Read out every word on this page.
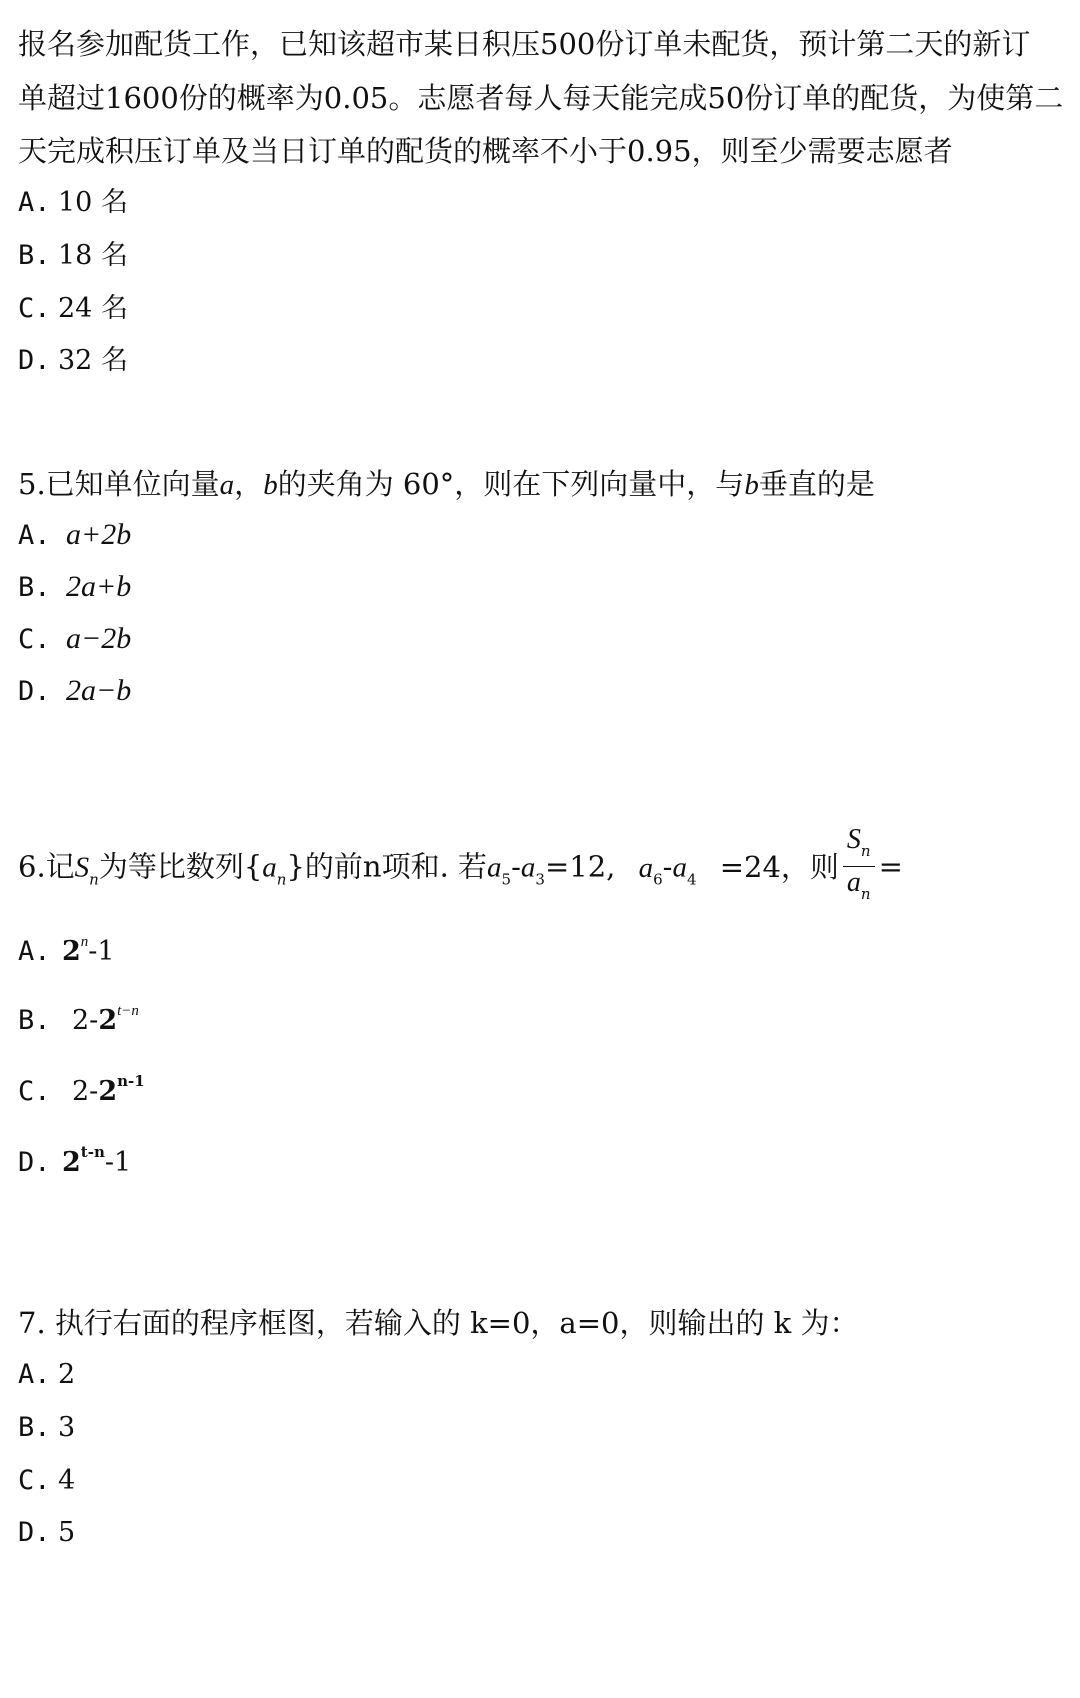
报名参加配货工作，已知该超市某日积压500份订单未配货，预计第二天的新订
单超过1600份的概率为0.05。志愿者每人每天能完成50份订单的配货，为使第二
天完成积压订单及当日订单的配货的概率不小于0.95，则至少需要志愿者
A. 10 名
B. 18 名
C. 24 名
D. 32 名
5.已知单位向量a，b的夹角为 60°，则在下列向量中，与b垂直的是
A. a+2b
B. 2a+b
C. a−2b
D. 2a−b
6.记$S_n$为等比数列$\{a_n\}$的前n项和. 若$a_5-a_3=12$, $a_6-a_4 =24$，则 $\frac{S_n}{a_n}$ =
A. 2$^n$-1
B. $2-2^{t-n}$
C. 2-2$^{n-1}$
D. 2$^{t-n}$-1
7. 执行右面的程序框图，若输入的 k=0，a=0，则输出的 k 为：
A. 2
B. 3
C. 4
D. 5
